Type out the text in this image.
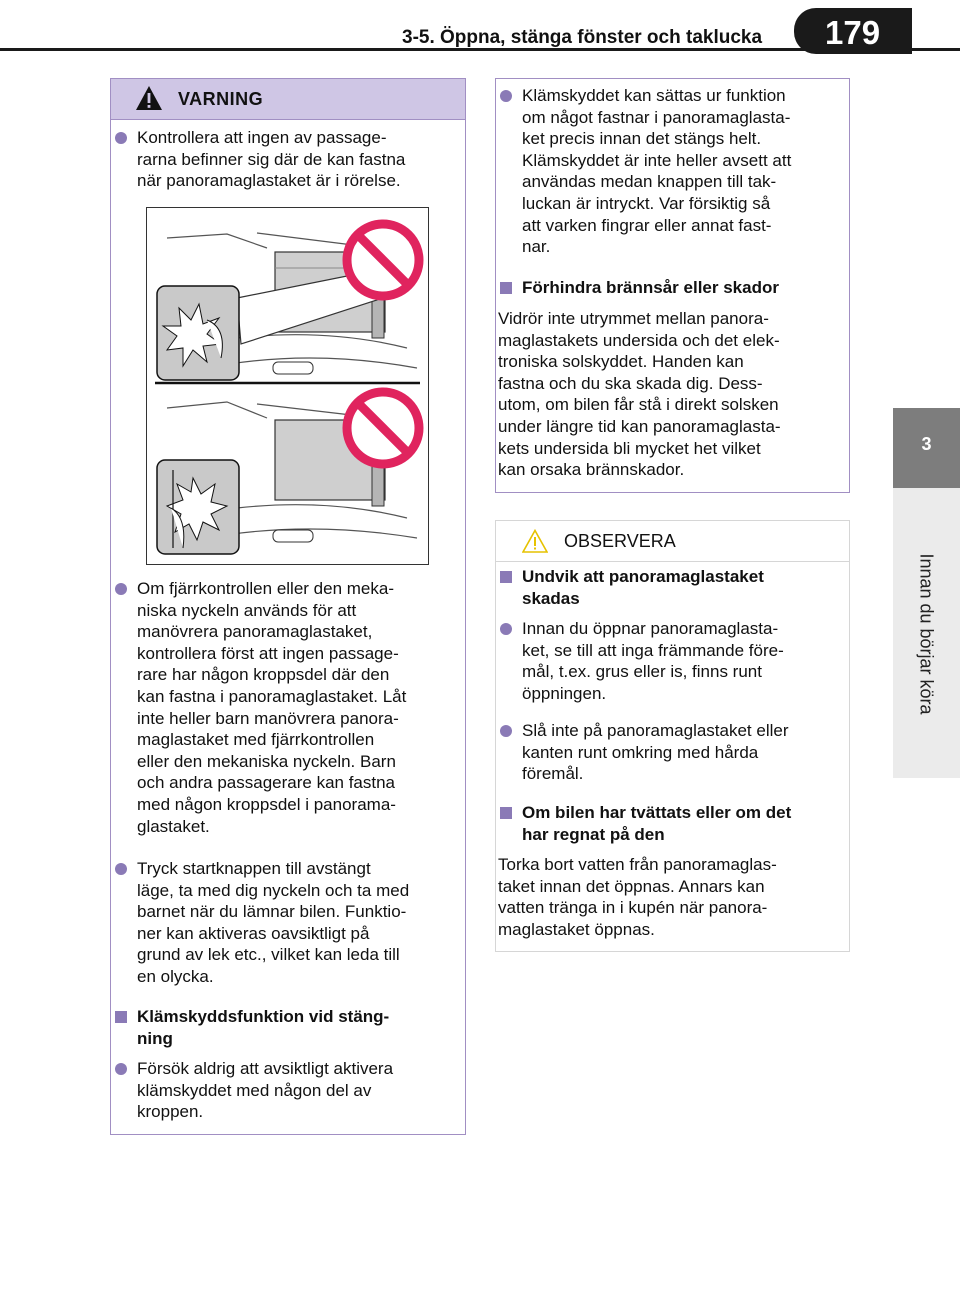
3-5. Öppna, stänga fönster och taklucka 179
3
Innan du börjar köra
VARNING
Kontrollera att ingen av passage-
rarna befinner sig där de kan fastna
när panoramaglastaket är i rörelse.
Om fjärrkontrollen eller den meka-
niska nyckeln används för att
manövrera panoramaglastaket,
kontrollera först att ingen passage-
rare har någon kroppsdel där den
kan fastna i panoramaglastaket. Låt
inte heller barn manövrera panora-
maglastaket med fjärrkontrollen
eller den mekaniska nyckeln. Barn
och andra passagerare kan fastna
med någon kroppsdel i panorama-
glastaket.
Tryck startknappen till avstängt
läge, ta med dig nyckeln och ta med
barnet när du lämnar bilen. Funktio-
ner kan aktiveras oavsiktligt på
grund av lek etc., vilket kan leda till
en olycka.
Klämskyddsfunktion vid stäng-
ning
Försök aldrig att avsiktligt aktivera
klämskyddet med någon del av
kroppen.
Klämskyddet kan sättas ur funktion
om något fastnar i panoramaglasta-
ket precis innan det stängs helt.
Klämskyddet är inte heller avsett att
användas medan knappen till tak-
luckan är intryckt. Var försiktig så
att varken fingrar eller annat fast-
nar.
Förhindra brännsår eller skador
Vidrör inte utrymmet mellan panora-
maglastakets undersida och det elek-
troniska solskyddet. Handen kan
fastna och du ska skada dig. Dess-
utom, om bilen får stå i direkt solsken
under längre tid kan panoramaglasta-
kets undersida bli mycket het vilket
kan orsaka brännskador.
OBSERVERA
Undvik att panoramaglastaket
skadas
Innan du öppnar panoramaglasta-
ket, se till att inga främmande före-
mål, t.ex. grus eller is, finns runt
öppningen.
Slå inte på panoramaglastaket eller
kanten runt omkring med hårda
föremål.
Om bilen har tvättats eller om det
har regnat på den
Torka bort vatten från panoramaglas-
taket innan det öppnas. Annars kan
vatten tränga in i kupén när panora-
maglastaket öppnas.
